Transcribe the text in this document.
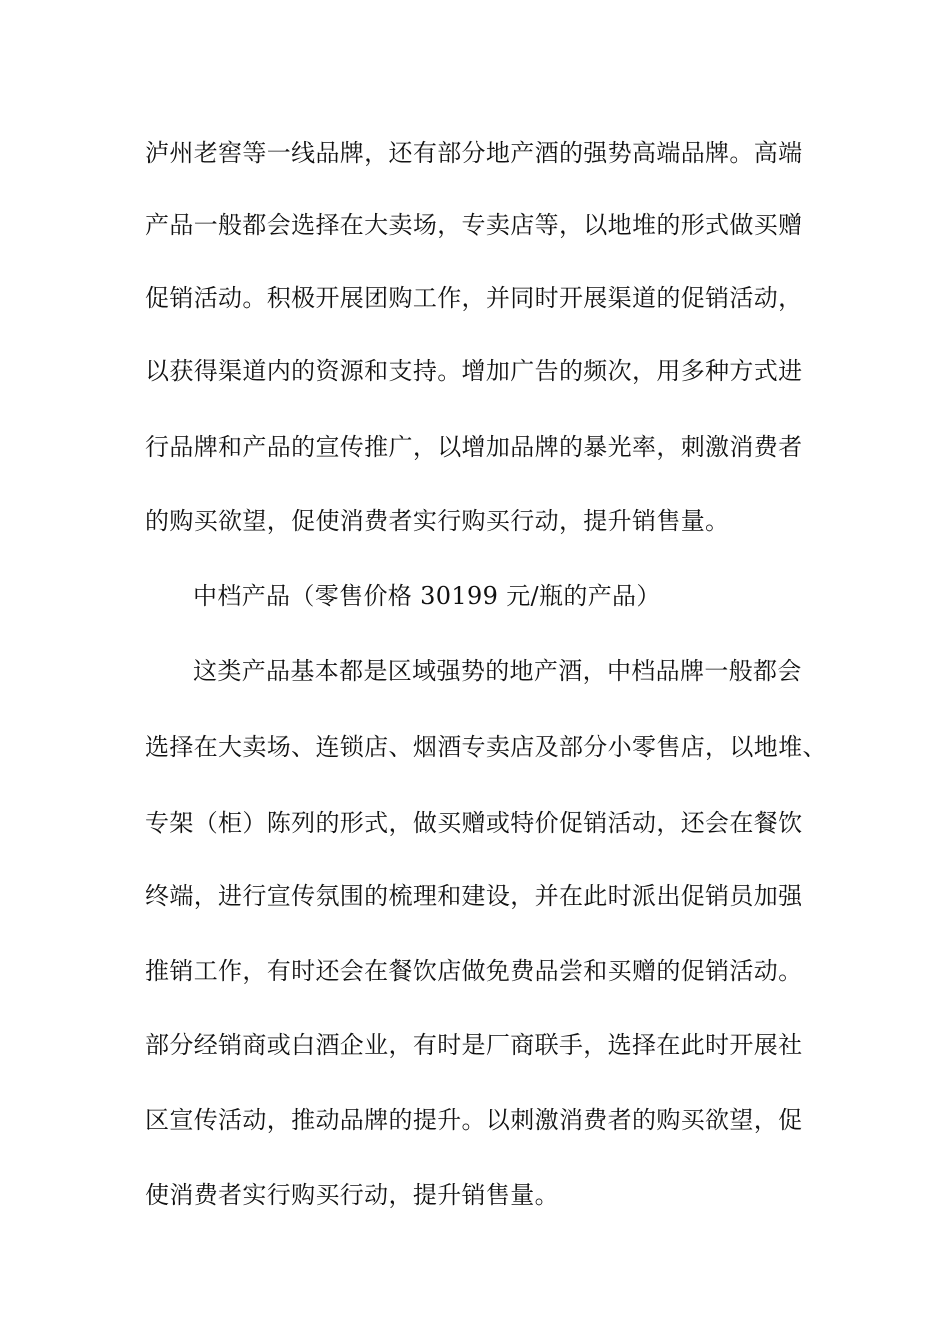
泸州老窖等一线品牌，还有部分地产酒的强势高端品牌。高端
产品一般都会选择在大卖场，专卖店等，以地堆的形式做买赠
促销活动。积极开展团购工作，并同时开展渠道的促销活动，
以获得渠道内的资源和支持。增加广告的频次，用多种方式进
行品牌和产品的宣传推广，以增加品牌的暴光率，刺激消费者
的购买欲望，促使消费者实行购买行动，提升销售量。
中档产品（零售价格 30199 元/瓶的产品）
这类产品基本都是区域强势的地产酒，中档品牌一般都会
选择在大卖场、连锁店、烟酒专卖店及部分小零售店，以地堆、
专架（柜）陈列的形式，做买赠或特价促销活动，还会在餐饮
终端，进行宣传氛围的梳理和建设，并在此时派出促销员加强
推销工作，有时还会在餐饮店做免费品尝和买赠的促销活动。
部分经销商或白酒企业，有时是厂商联手，选择在此时开展社
区宣传活动，推动品牌的提升。以刺激消费者的购买欲望，促
使消费者实行购买行动，提升销售量。
